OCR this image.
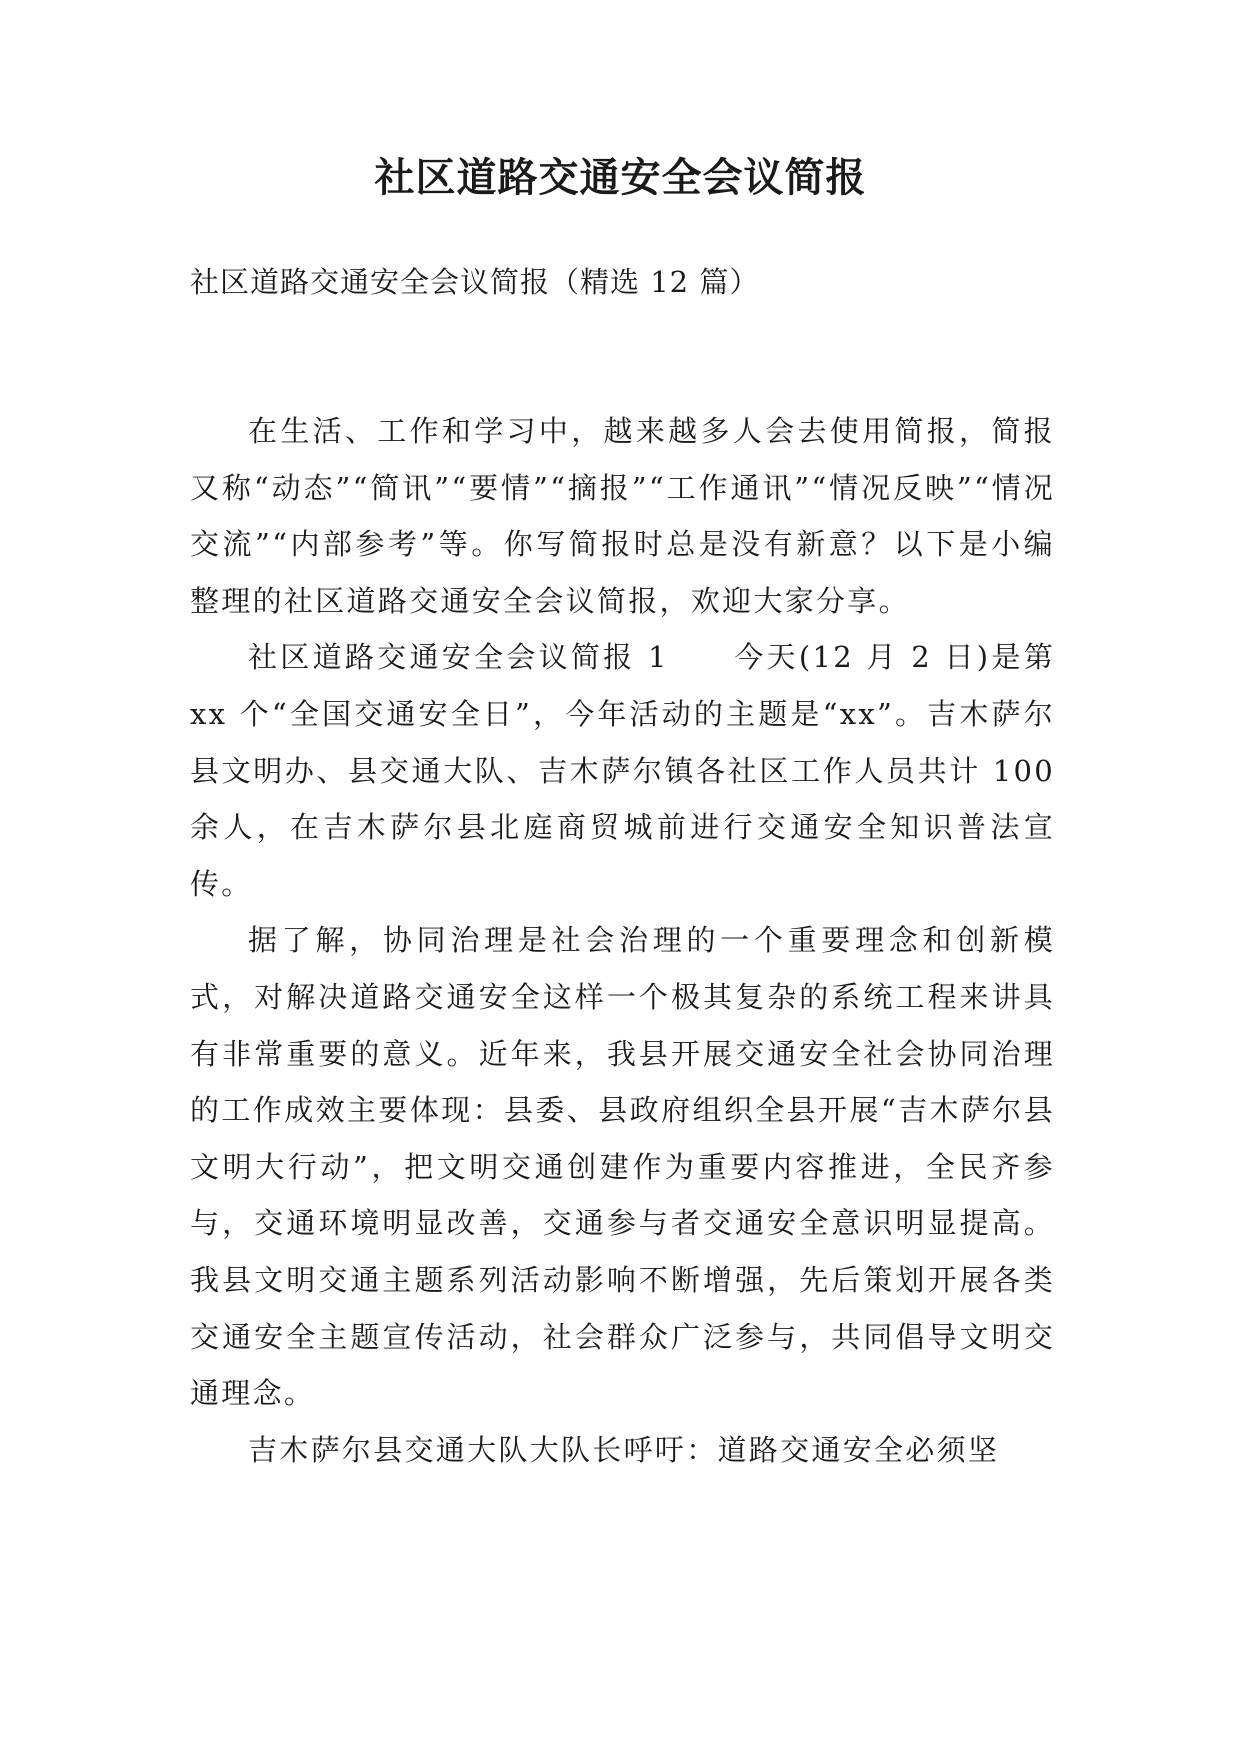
社区道路交通安全会议简报
社区道路交通安全会议简报（精选 12 篇）

在生活、工作和学习中，越来越多人会去使用简报，简报又称“动态”“简讯”“要情”“摘报”“工作通讯”“情况反映”“情况交流”“内部参考”等。你写简报时总是没有新意？以下是小编整理的社区道路交通安全会议简报，欢迎大家分享。

社区道路交通安全会议简报 1　　今天(12 月 2 日)是第 xx 个“全国交通安全日”，今年活动的主题是“xx”。吉木萨尔县文明办、县交通大队、吉木萨尔镇各社区工作人员共计 100 余人，在吉木萨尔县北庭商贸城前进行交通安全知识普法宣传。

据了解，协同治理是社会治理的一个重要理念和创新模式，对解决道路交通安全这样一个极其复杂的系统工程来讲具有非常重要的意义。近年来，我县开展交通安全社会协同治理的工作成效主要体现：县委、县政府组织全县开展“吉木萨尔县文明大行动”，把文明交通创建作为重要内容推进，全民齐参与，交通环境明显改善，交通参与者交通安全意识明显提高。我县文明交通主题系列活动影响不断增强，先后策划开展各类交通安全主题宣传活动，社会群众广泛参与，共同倡导文明交通理念。

吉木萨尔县交通大队大队长呼吁：道路交通安全必须坚
